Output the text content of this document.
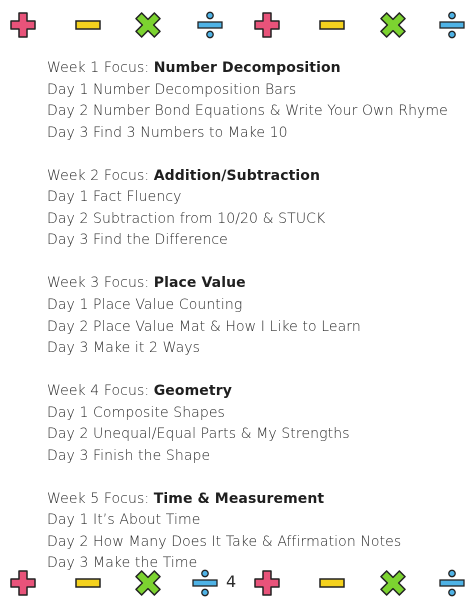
Week 1 Focus: Number Decomposition
Day 1 Number Decomposition Bars
Day 2 Number Bond Equations & Write Your Own Rhyme
Day 3 Find 3 Numbers to Make 10
Week 2 Focus: Addition/Subtraction
Day 1 Fact Fluency
Day 2 Subtraction from 10/20 & STUCK
Day 3 Find the Difference
Week 3 Focus: Place Value
Day 1 Place Value Counting
Day 2 Place Value Mat & How I Like to Learn
Day 3 Make it 2 Ways
Week 4 Focus: Geometry
Day 1 Composite Shapes
Day 2 Unequal/Equal Parts & My Strengths
Day 3 Finish the Shape
Week 5 Focus: Time & Measurement
Day 1 It’s About Time
Day 2 How Many Does It Take & Affirmation Notes
Day 3 Make the Time
4
